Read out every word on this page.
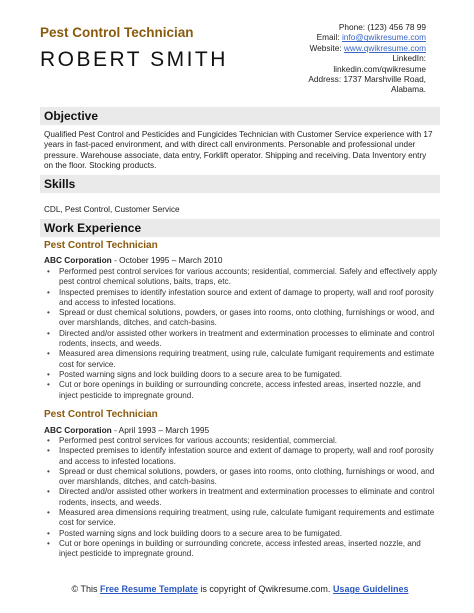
Pest Control Technician
ROBERT SMITH
Phone: (123) 456 78 99
Email: info@qwikresume.com
Website: www.qwikresume.com
LinkedIn:
linkedin.com/qwikresume
Address: 1737 Marshville Road,
Alabama.
Objective
Qualified Pest Control and Pesticides and Fungicides Technician with Customer Service experience with 17 years in fast-paced environment, and with direct call environments. Personable and professional under pressure. Warehouse associate, data entry, Forklift operator. Shipping and receiving. Data Inventory entry on the floor. Stocking products.
Skills
CDL, Pest Control, Customer Service
Work Experience
Pest Control Technician
ABC Corporation - October 1995 – March 2010
• Performed pest control services for various accounts; residential, commercial. Safely and effectively apply pest control chemical solutions, baits, traps, etc.
• Inspected premises to identify infestation source and extent of damage to property, wall and roof porosity and access to infested locations.
• Spread or dust chemical solutions, powders, or gases into rooms, onto clothing, furnishings or wood, and over marshlands, ditches, and catch-basins.
• Directed and/or assisted other workers in treatment and extermination processes to eliminate and control rodents, insects, and weeds.
• Measured area dimensions requiring treatment, using rule, calculate fumigant requirements and estimate cost for service.
• Posted warning signs and lock building doors to a secure area to be fumigated.
• Cut or bore openings in building or surrounding concrete, access infested areas, inserted nozzle, and inject pesticide to impregnate ground.
Pest Control Technician
ABC Corporation - April 1993 – March 1995
• Performed pest control services for various accounts; residential, commercial.
• Inspected premises to identify infestation source and extent of damage to property, wall and roof porosity and access to infested locations.
• Spread or dust chemical solutions, powders, or gases into rooms, onto clothing, furnishings or wood, and over marshlands, ditches, and catch-basins.
• Directed and/or assisted other workers in treatment and extermination processes to eliminate and control rodents, insects, and weeds.
• Measured area dimensions requiring treatment, using rule, calculate fumigant requirements and estimate cost for service.
• Posted warning signs and lock building doors to a secure area to be fumigated.
• Cut or bore openings in building or surrounding concrete, access infested areas, inserted nozzle, and inject pesticide to impregnate ground.
© This Free Resume Template is copyright of Qwikresume.com. Usage Guidelines
